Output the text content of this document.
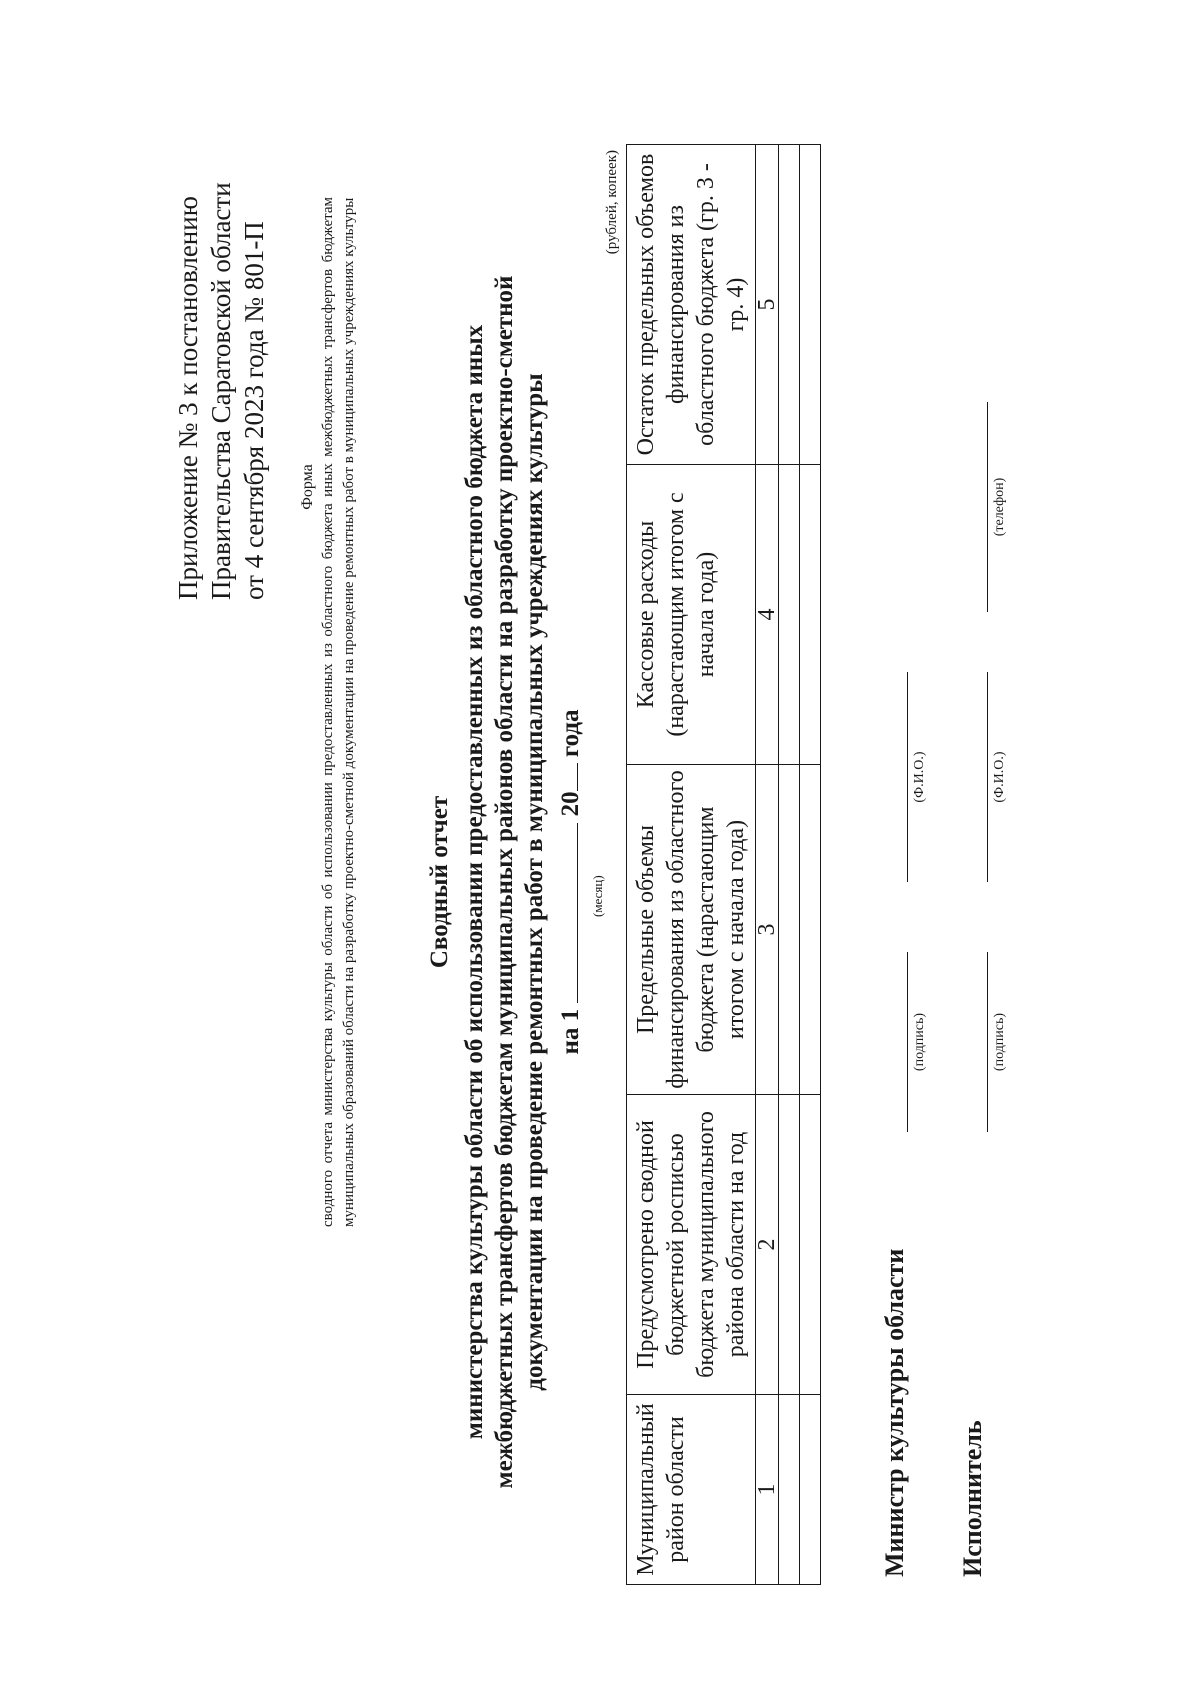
Приложение № 3 к постановлению Правительства Саратовской области от 4 сентября 2023 года № 801-П Форма сводного отчета министерства культуры области об использовании предоставленных из областного бюджета иных межбюджетных трансфертов бюджетам муниципальных образований области на разработку проектно-сметной документации на проведение ремонтных работ в муниципальных учреждениях культуры	Сводный отчет министерства культуры области об использовании предоставленных из областного бюджета иных межбюджетных трансфертов бюджетам муниципальных районов области на разработку проектно-сметной документации на проведение ремонтных работ в муниципальных учреждениях культуры на 1  20 года
(месяц)
(рублей, копеек)
Муниципальный район области	Предусмотрено сводной бюджетной росписью бюджета муниципального района области на год	Предельные объемы финансирования из областного бюджета (нарастающим итогом с начала года)	Кассовые расходы (нарастающим итогом с начала года)	Остаток предельных объемов финансирования из областного бюджета (гр. 3 - гр. 4)
1	2	3	4	5

Министр культуры области
(подпись)
(Ф.И.О.)
Исполнитель
(подпись)
(Ф.И.О.)
(телефон)
